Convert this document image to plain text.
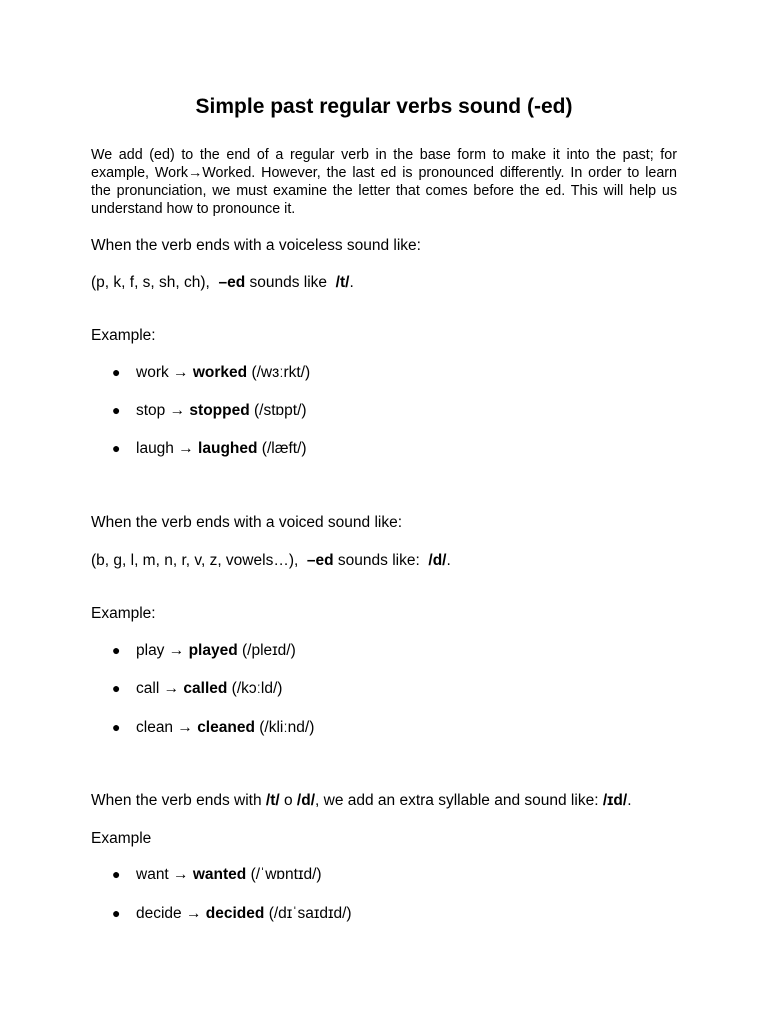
Simple past regular verbs sound (-ed)
We add (ed) to the end of a regular verb in the base form to make it into the past; for example, Work→Worked. However, the last ed is pronounced differently. In order to learn the pronunciation, we must examine the letter that comes before the ed. This will help us understand how to pronounce it.
When the verb ends with a voiceless sound like:
(p, k, f, s, sh, ch),  –ed sounds like  /t/.
Example:
● work → worked (/wɜːrkt/)
● stop → stopped (/stɒpt/)
● laugh → laughed (/læft/)
When the verb ends with a voiced sound like:
(b, g, l, m, n, r, v, z, vowels…),  –ed sounds like:  /d/.
Example:
● play → played (/pleɪd/)
● call → called (/kɔːld/)
● clean → cleaned (/kliːnd/)
When the verb ends with /t/ o /d/, we add an extra syllable and sound like: /ɪd/.
Example
● want → wanted (/ˈwɒntɪd/)
● decide → decided (/dɪˈsaɪdɪd/)
